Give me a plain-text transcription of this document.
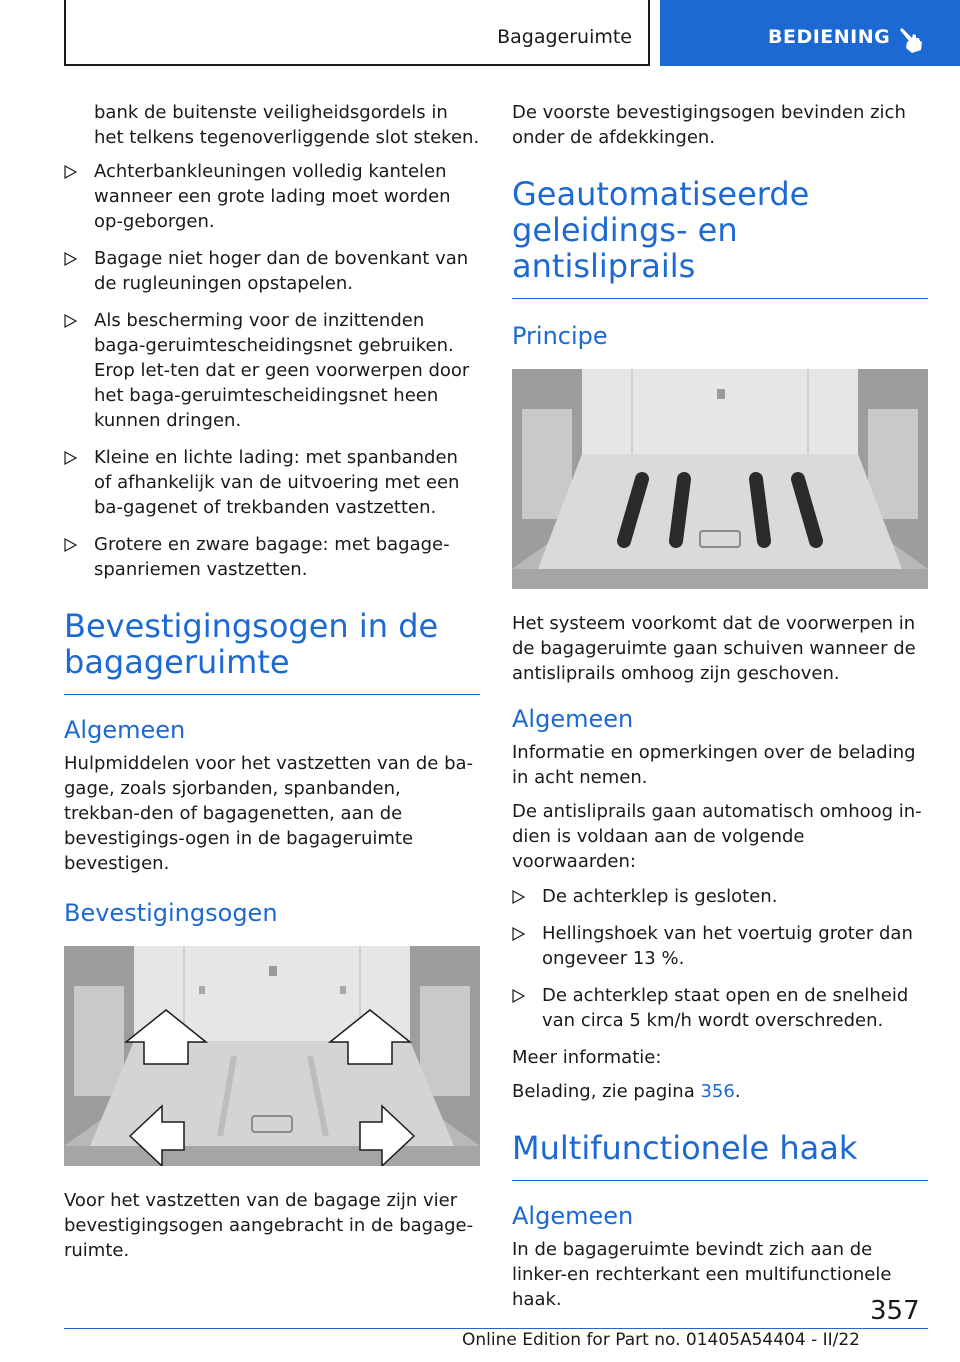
Bagageruimte	BEDIENING

bank de buitenste veiligheidsgordels in het telkens tegenoverliggende slot steken.

Achterbankleuningen volledig kantelen wanneer een grote lading moet worden op-geborgen.
Bagage niet hoger dan de bovenkant van de rugleuningen opstapelen.
Als bescherming voor de inzittenden baga-geruimtescheidingsnet gebruiken. Erop let-ten dat er geen voorwerpen door het baga-geruimtescheidingsnet heen kunnen dringen.
Kleine en lichte lading: met spanbanden of afhankelijk van de uitvoering met een ba-gagenet of trekbanden vastzetten.
Grotere en zware bagage: met bagage-spanriemen vastzetten.
Bevestigingsogen in de bagageruimte
Algemeen

Hulpmiddelen voor het vastzetten van de ba-gage, zoals sjorbanden, spanbanden, trekban-den of bagagenetten, aan de bevestigings-ogen in de bagageruimte bevestigen.

Bevestigingsogen

Voor het vastzetten van de bagage zijn vier bevestigingsogen aangebracht in de bagage-ruimte.

De voorste bevestigingsogen bevinden zich onder de afdekkingen.

Geautomatiseerde geleidings- en antisliprails
Principe

Het systeem voorkomt dat de voorwerpen in de bagageruimte gaan schuiven wanneer de antisliprails omhoog zijn geschoven.

Algemeen

Informatie en opmerkingen over de belading in acht nemen.

De antisliprails gaan automatisch omhoog in-dien is voldaan aan de volgende voorwaarden:

De achterklep is gesloten.
Hellingshoek van het voertuig groter dan ongeveer 13 %.
De achterklep staat open en de snelheid van circa 5 km/h wordt overschreden.

Meer informatie:

Belading, zie pagina 356.

Multifunctionele haak
Algemeen

In de bagageruimte bevindt zich aan de linker-en rechterkant een multifunctionele haak.	357
Online Edition for Part no. 01405A54404 - II/22
